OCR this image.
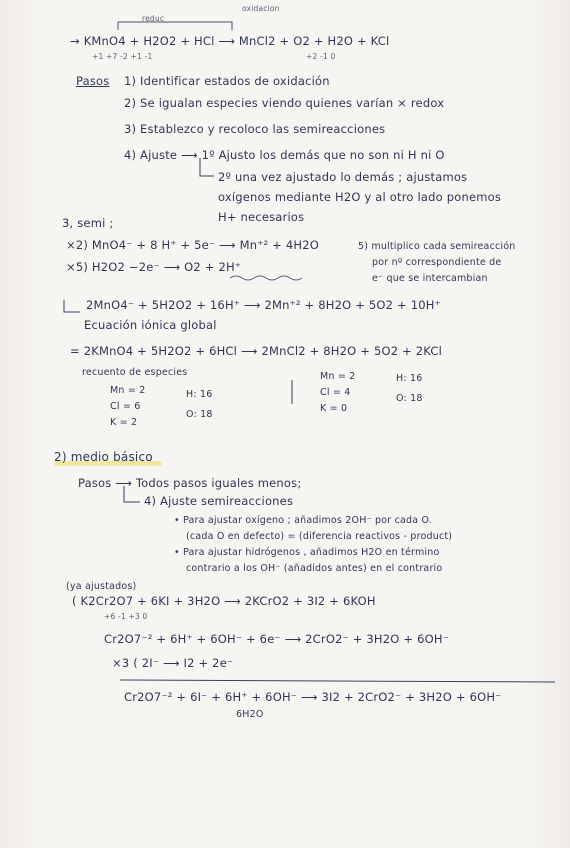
oxidacion
reduc
→ KMnO4 + H2O2 + HCl ⟶ MnCl2 + O2 + H2O + KCl
+1 +7 -2 +1 -1	+2 -1 0
Pasos 1) Identificar estados de oxidación
2) Se igualan especies viendo quienes varían × redox
3) Establezco y recoloco las semireacciones
4) Ajuste ⟶ 1º Ajusto los demás que no son ni H ni O
2º una vez ajustado lo demás ; ajustamos
oxígenos mediante H2O y al otro lado ponemos
H+ necesarios
3, semi ;
×2) MnO4⁻ + 8 H⁺ + 5e⁻ ⟶ Mn⁺² + 4H2O
×5) H2O2 −2e⁻ ⟶ O2 + 2H⁺
5) multiplico cada semireacción
por nº correspondiente de
e⁻ que se intercambian
2MnO4⁻ + 5H2O2 + 16H⁺ ⟶ 2Mn⁺² + 8H2O + 5O2 + 10H⁺
Ecuación iónica global
= 2KMnO4 + 5H2O2 + 6HCl ⟶ 2MnCl2 + 8H2O + 5O2 + 2KCl
recuento de especies
Mn = 2
Cl = 6
K = 2
H: 16
O: 18
Mn = 2
Cl = 4
K = 0
H: 16
O: 18
2) medio básico
Pasos ⟶ Todos pasos iguales menos;
4) Ajuste semireacciones
• Para ajustar oxígeno ; añadimos 2OH⁻ por cada O.
(cada O en defecto) = (diferencia reactivos - product)
• Para ajustar hidrógenos , añadimos H2O en término
contrario a los OH⁻ (añadidos antes) en el contrario
(ya ajustados)
( K2Cr2O7 + 6KI + 3H2O ⟶ 2KCrO2 + 3I2 + 6KOH
+6 -1 +3 0
Cr2O7⁻² + 6H⁺ + 6OH⁻ + 6e⁻ ⟶ 2CrO2⁻ + 3H2O + 6OH⁻
×3 ( 2I⁻ ⟶ I2 + 2e⁻
Cr2O7⁻² + 6I⁻ + 6H⁺ + 6OH⁻ ⟶ 3I2 + 2CrO2⁻ + 3H2O + 6OH⁻
6H2O
